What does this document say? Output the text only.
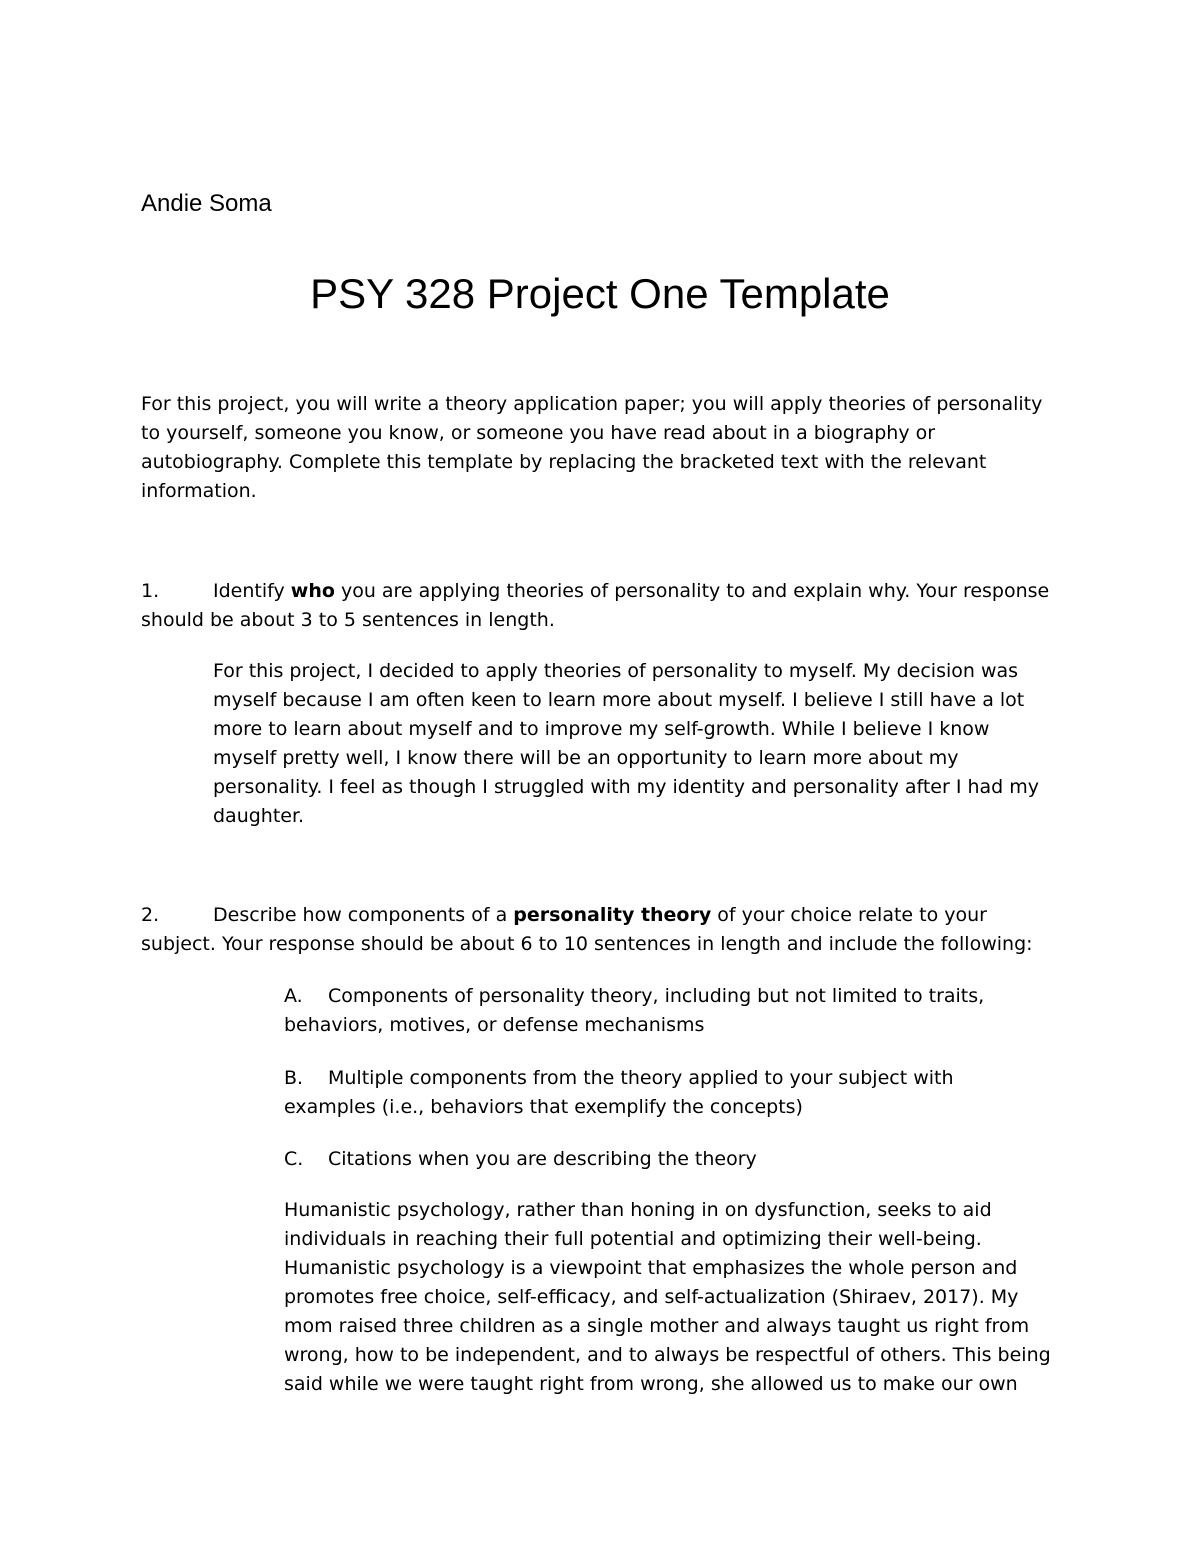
Andie Soma
PSY 328 Project One Template

For this project, you will write a theory application paper; you will apply theories of personality to yourself, someone you know, or someone you have read about in a biography or autobiography. Complete this template by replacing the bracketed text with the relevant information.

1.	Identify who you are applying theories of personality to and explain why. Your response should be about 3 to 5 sentences in length.

For this project, I decided to apply theories of personality to myself. My decision was myself because I am often keen to learn more about myself. I believe I still have a lot more to learn about myself and to improve my self-growth. While I believe I know myself pretty well, I know there will be an opportunity to learn more about my personality. I feel as though I struggled with my identity and personality after I had my daughter.

2.	Describe how components of a personality theory of your choice relate to your subject. Your response should be about 6 to 10 sentences in length and include the following:

A. Components of personality theory, including but not limited to traits, behaviors, motives, or defense mechanisms

B. Multiple components from the theory applied to your subject with examples (i.e., behaviors that exemplify the concepts)

C. Citations when you are describing the theory

Humanistic psychology, rather than honing in on dysfunction, seeks to aid individuals in reaching their full potential and optimizing their well-being. Humanistic psychology is a viewpoint that emphasizes the whole person and promotes free choice, self-efficacy, and self-actualization (Shiraev, 2017). My mom raised three children as a single mother and always taught us right from wrong, how to be independent, and to always be respectful of others. This being said while we were taught right from wrong, she allowed us to make our own
